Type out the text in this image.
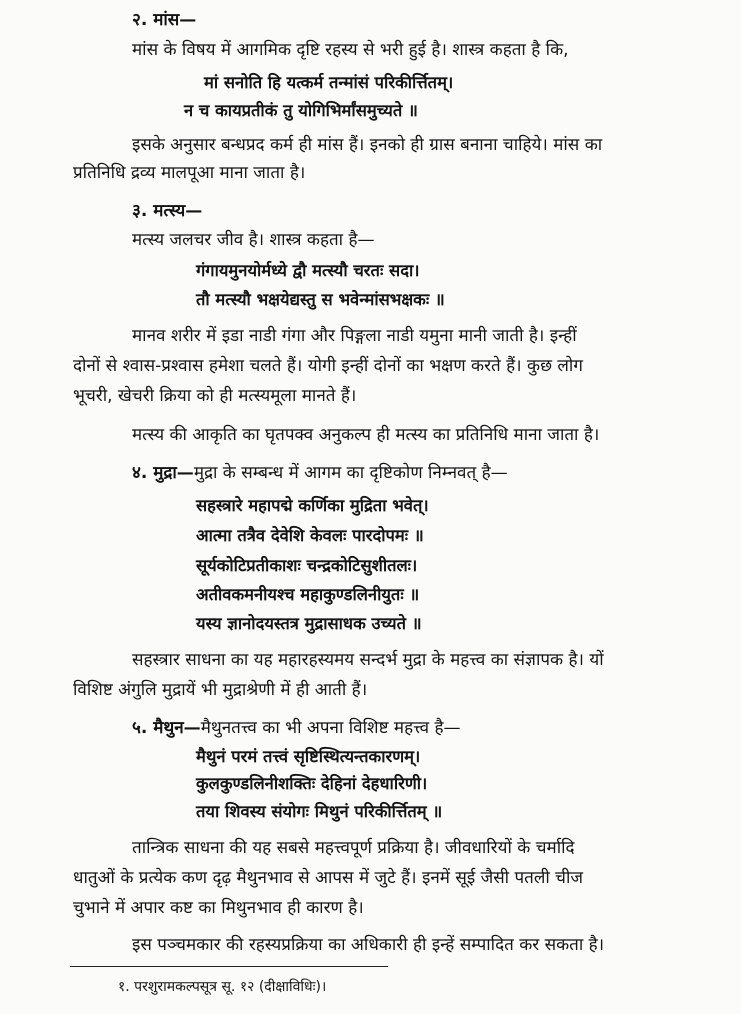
२. मांस—
मांस के विषय में आगमिक दृष्टि रहस्य से भरी हुई है। शास्त्र कहता है कि,
मां सनोति हि यत्कर्म तन्मांसं परिकीर्त्तितम्।
न च कायप्रतीकं तु योगिभिर्मांसमुच्यते ॥
इसके अनुसार बन्धप्रद कर्म ही मांस हैं। इनको ही ग्रास बनाना चाहिये। मांस का
प्रतिनिधि द्रव्य मालपूआ माना जाता है।
३. मत्स्य—
मत्स्य जलचर जीव है। शास्त्र कहता है—
गंगायमुनयोर्मध्ये द्वौ मत्स्यौ चरतः सदा।
तौ मत्स्यौ भक्षयेद्यस्तु स भवेन्मांसभक्षकः ॥
मानव शरीर में इडा नाडी गंगा और पिङ्गला नाडी यमुना मानी जाती है। इन्हीं
दोनों से श्वास-प्रश्वास हमेशा चलते हैं। योगी इन्हीं दोनों का भक्षण करते हैं। कुछ लोग
भूचरी, खेचरी क्रिया को ही मत्स्यमूला मानते हैं।
मत्स्य की आकृति का घृतपक्व अनुकल्प ही मत्स्य का प्रतिनिधि माना जाता है।
४. मुद्रा—मुद्रा के सम्बन्ध में आगम का दृष्टिकोण निम्नवत् है—
सहस्त्रारे महापद्मे कर्णिका मुद्रिता भवेत्।
आत्मा तत्रैव देवेशि केवलः पारदोपमः ॥
सूर्यकोटिप्रतीकाशः चन्द्रकोटिसुशीतलः।
अतीवकमनीयश्च महाकुण्डलिनीयुतः ॥
यस्य ज्ञानोदयस्तत्र मुद्रासाधक उच्यते ॥
सहस्त्रार साधना का यह महारहस्यमय सन्दर्भ मुद्रा के महत्त्व का संज्ञापक है। यों
विशिष्ट अंगुलि मुद्रायें भी मुद्राश्रेणी में ही आती हैं।
५. मैथुन—मैथुनतत्त्व का भी अपना विशिष्ट महत्त्व है—
मैथुनं परमं तत्त्वं सृष्टिस्थित्यन्तकारणम्।
कुलकुण्डलिनीशक्तिः देहिनां देहधारिणी।
तया शिवस्य संयोगः मिथुनं परिकीर्त्तितम् ॥
तान्त्रिक साधना की यह सबसे महत्त्वपूर्ण प्रक्रिया है। जीवधारियों के चर्मादि
धातुओं के प्रत्येक कण दृढ़ मैथुनभाव से आपस में जुटे हैं। इनमें सूई जैसी पतली चीज
चुभाने में अपार कष्ट का मिथुनभाव ही कारण है।
इस पञ्चमकार की रहस्यप्रक्रिया का अधिकारी ही इन्हें सम्पादित कर सकता है।
१. परशुरामकल्पसूत्र सू. १२ (दीक्षाविधिः)।
